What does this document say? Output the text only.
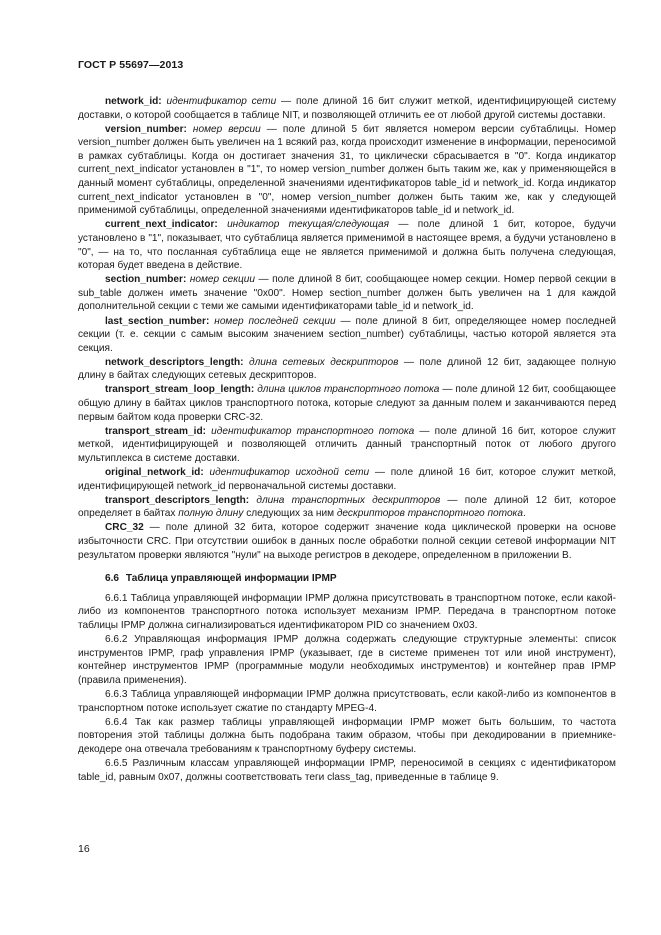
ГОСТ Р 55697—2013

network_id: идентификатор сети — поле длиной 16 бит служит меткой, идентифицирующей систему доставки, о которой сообщается в таблице NIT, и позволяющей отличить ее от любой другой системы доставки.

version_number: номер версии — поле длиной 5 бит является номером версии субтаблицы. Номер version_number должен быть увеличен на 1 всякий раз, когда происходит изменение в информации, переносимой в рамках субтаблицы. Когда он достигает значения 31, то циклически сбрасывается в "0". Когда индикатор current_next_indicator установлен в "1", то номер version_number должен быть таким же, как у применяющейся в данный момент субтаблицы, определенной значениями идентификаторов table_id и network_id. Когда индикатор current_next_indicator установлен в "0", номер version_number должен быть таким же, как у следующей применимой субтаблицы, определенной значениями идентификаторов table_id и network_id.

current_next_indicator: индикатор текущая/следующая — поле длиной 1 бит, которое, будучи установлено в "1", показывает, что субтаблица является применимой в настоящее время, а будучи установлено в "0", — на то, что посланная субтаблица еще не является применимой и должна быть получена следующая, которая будет введена в действие.

section_number: номер секции — поле длиной 8 бит, сообщающее номер секции. Номер первой секции в sub_table должен иметь значение "0x00". Номер section_number должен быть увеличен на 1 для каждой дополнительной секции с теми же самыми идентификаторами table_id и network_id.

last_section_number: номер последней секции — поле длиной 8 бит, определяющее номер последней секции (т. е. секции с самым высоким значением section_number) субтаблицы, частью которой является эта секция.

network_descriptors_length: длина сетевых дескрипторов — поле длиной 12 бит, задающее полную длину в байтах следующих сетевых дескрипторов.

transport_stream_loop_length: длина циклов транспортного потока — поле длиной 12 бит, сообщающее общую длину в байтах циклов транспортного потока, которые следуют за данным полем и заканчиваются перед первым байтом кода проверки CRC-32.

transport_stream_id: идентификатор транспортного потока — поле длиной 16 бит, которое служит меткой, идентифицирующей и позволяющей отличить данный транспортный поток от любого другого мультиплекса в системе доставки.

original_network_id: идентификатор исходной сети — поле длиной 16 бит, которое служит меткой, идентифицирующей network_id первоначальной системы доставки.

transport_descriptors_length: длина транспортных дескрипторов — поле длиной 12 бит, которое определяет в байтах полную длину следующих за ним дескрипторов транспортного потока.

CRC_32 — поле длиной 32 бита, которое содержит значение кода циклической проверки на основе избыточности CRC. При отсутствии ошибок в данных после обработки полной секции сетевой информации NIT результатом проверки являются "нули" на выходе регистров в декодере, определенном в приложении В.

6.6 Таблица управляющей информации IPMP

6.6.1 Таблица управляющей информации IPMP должна присутствовать в транспортном потоке, если какой-либо из компонентов транспортного потока использует механизм IPMP. Передача в транспортном потоке таблицы IPMP должна сигнализироваться идентификатором PID со значением 0x03.

6.6.2 Управляющая информация IPMP должна содержать следующие структурные элементы: список инструментов IPMP, граф управления IPMP (указывает, где в системе применен тот или иной инструмент), контейнер инструментов IPMP (программные модули необходимых инструментов) и контейнер прав IPMP (правила применения).

6.6.3 Таблица управляющей информации IPMP должна присутствовать, если какой-либо из компонентов в транспортном потоке использует сжатие по стандарту MPEG-4.

6.6.4 Так как размер таблицы управляющей информации IPMP может быть большим, то частота повторения этой таблицы должна быть подобрана таким образом, чтобы при декодировании в приемнике-декодере она отвечала требованиям к транспортному буферу системы.

6.6.5 Различным классам управляющей информации IPMP, переносимой в секциях с идентификатором table_id, равным 0x07, должны соответствовать теги class_tag, приведенные в таблице 9.

16
